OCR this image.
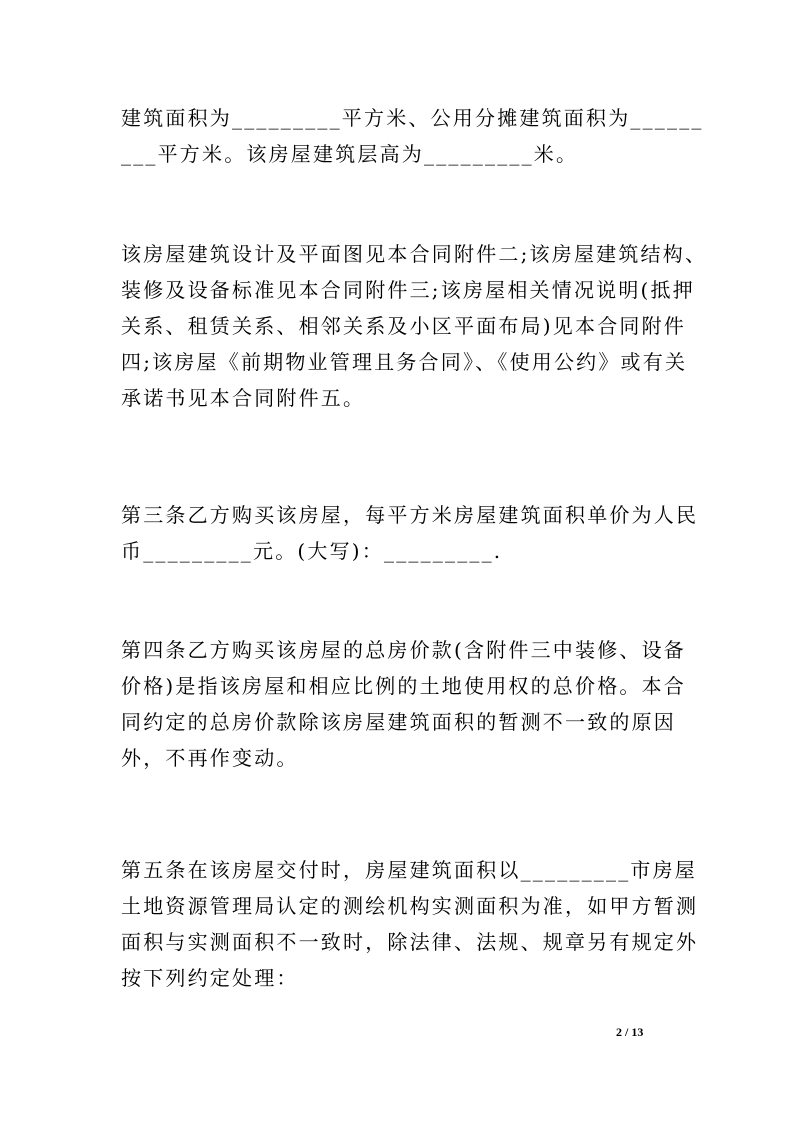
建筑面积为_________平方米、公用分摊建筑面积为______
___平方米。该房屋建筑层高为_________米。
该房屋建筑设计及平面图见本合同附件二;该房屋建筑结构、
装修及设备标准见本合同附件三;该房屋相关情况说明(抵押
关系、租赁关系、相邻关系及小区平面布局)见本合同附件
四;该房屋《前期物业管理且务合同》、《使用公约》或有关
承诺书见本合同附件五。
第三条乙方购买该房屋，每平方米房屋建筑面积单价为人民
币_________元。(大写)：_________.
第四条乙方购买该房屋的总房价款(含附件三中装修、设备
价格)是指该房屋和相应比例的土地使用权的总价格。本合
同约定的总房价款除该房屋建筑面积的暂测不一致的原因
外，不再作变动。
第五条在该房屋交付时，房屋建筑面积以_________市房屋
土地资源管理局认定的测绘机构实测面积为准，如甲方暂测
面积与实测面积不一致时，除法律、法规、规章另有规定外
按下列约定处理：
2 / 13
